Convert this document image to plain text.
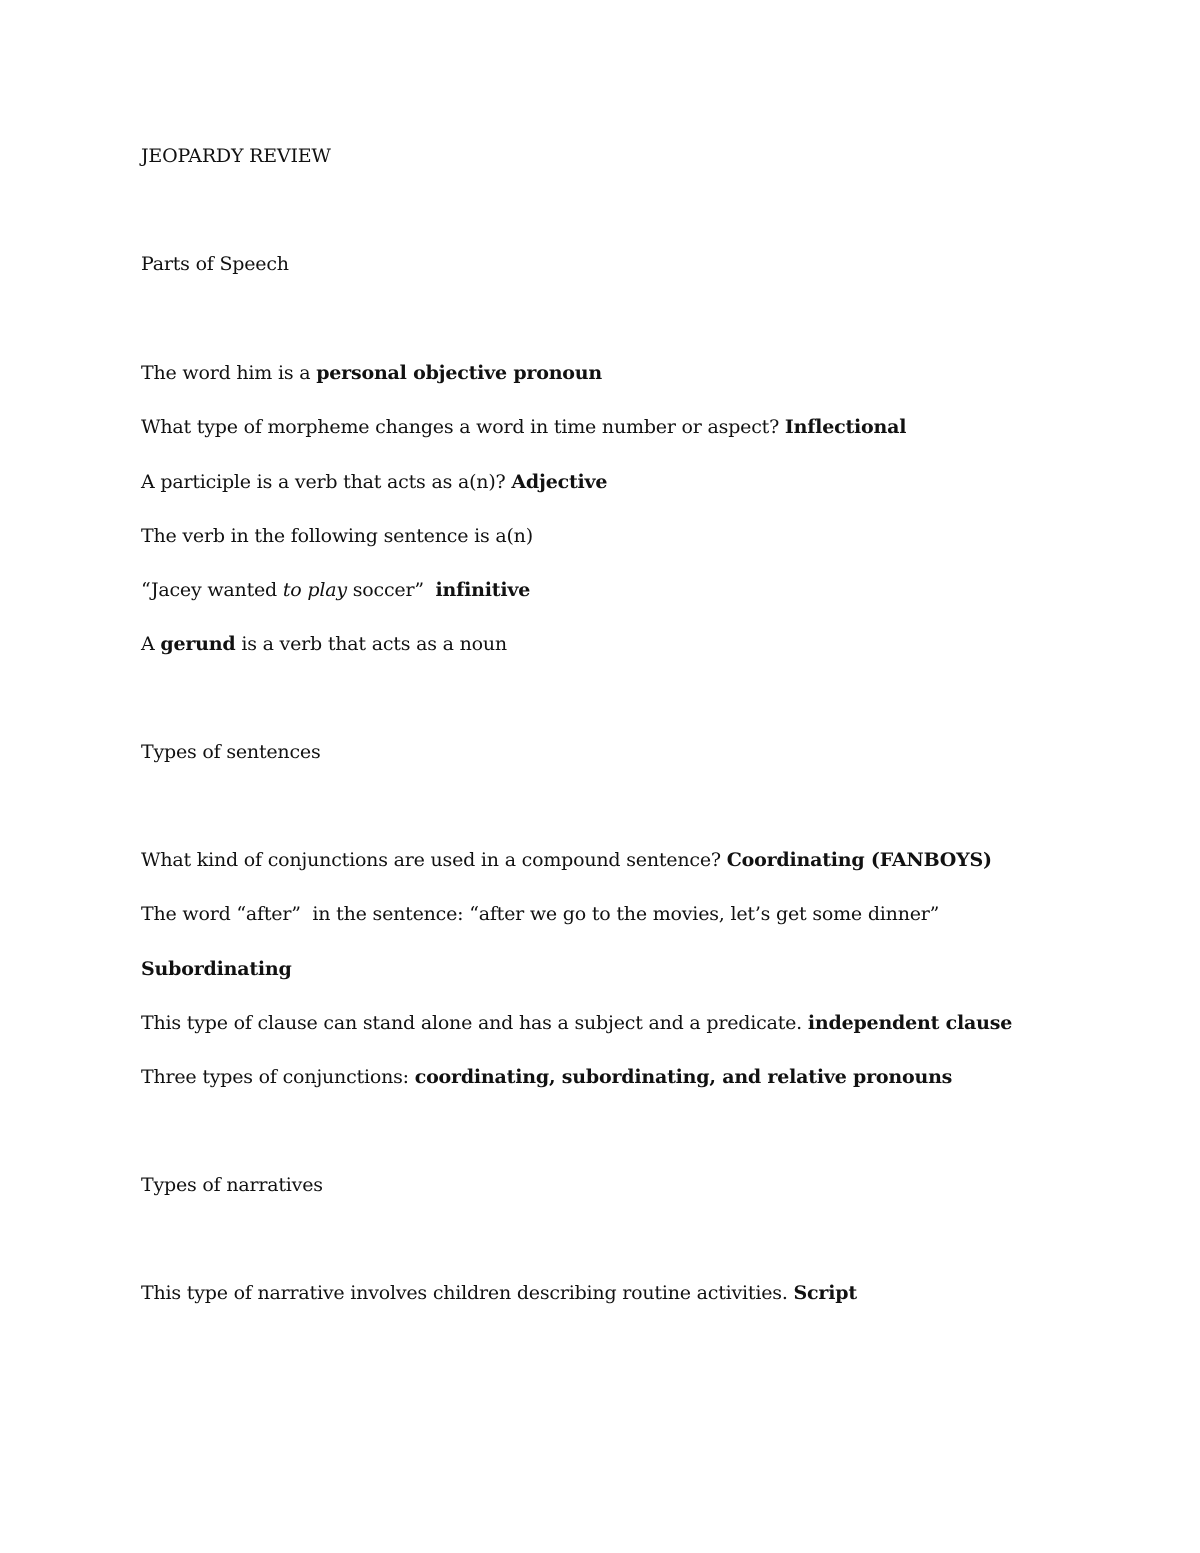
JEOPARDY REVIEW
Parts of Speech
The word him is a personal objective pronoun
What type of morpheme changes a word in time number or aspect? Inflectional
A participle is a verb that acts as a(n)? Adjective
The verb in the following sentence is a(n)
“Jacey wanted to play soccer”  infinitive
A gerund is a verb that acts as a noun
Types of sentences
What kind of conjunctions are used in a compound sentence? Coordinating (FANBOYS)
The word “after”  in the sentence: “after we go to the movies, let’s get some dinner”
Subordinating
This type of clause can stand alone and has a subject and a predicate. independent clause
Three types of conjunctions: coordinating, subordinating, and relative pronouns
Types of narratives
This type of narrative involves children describing routine activities. Script
